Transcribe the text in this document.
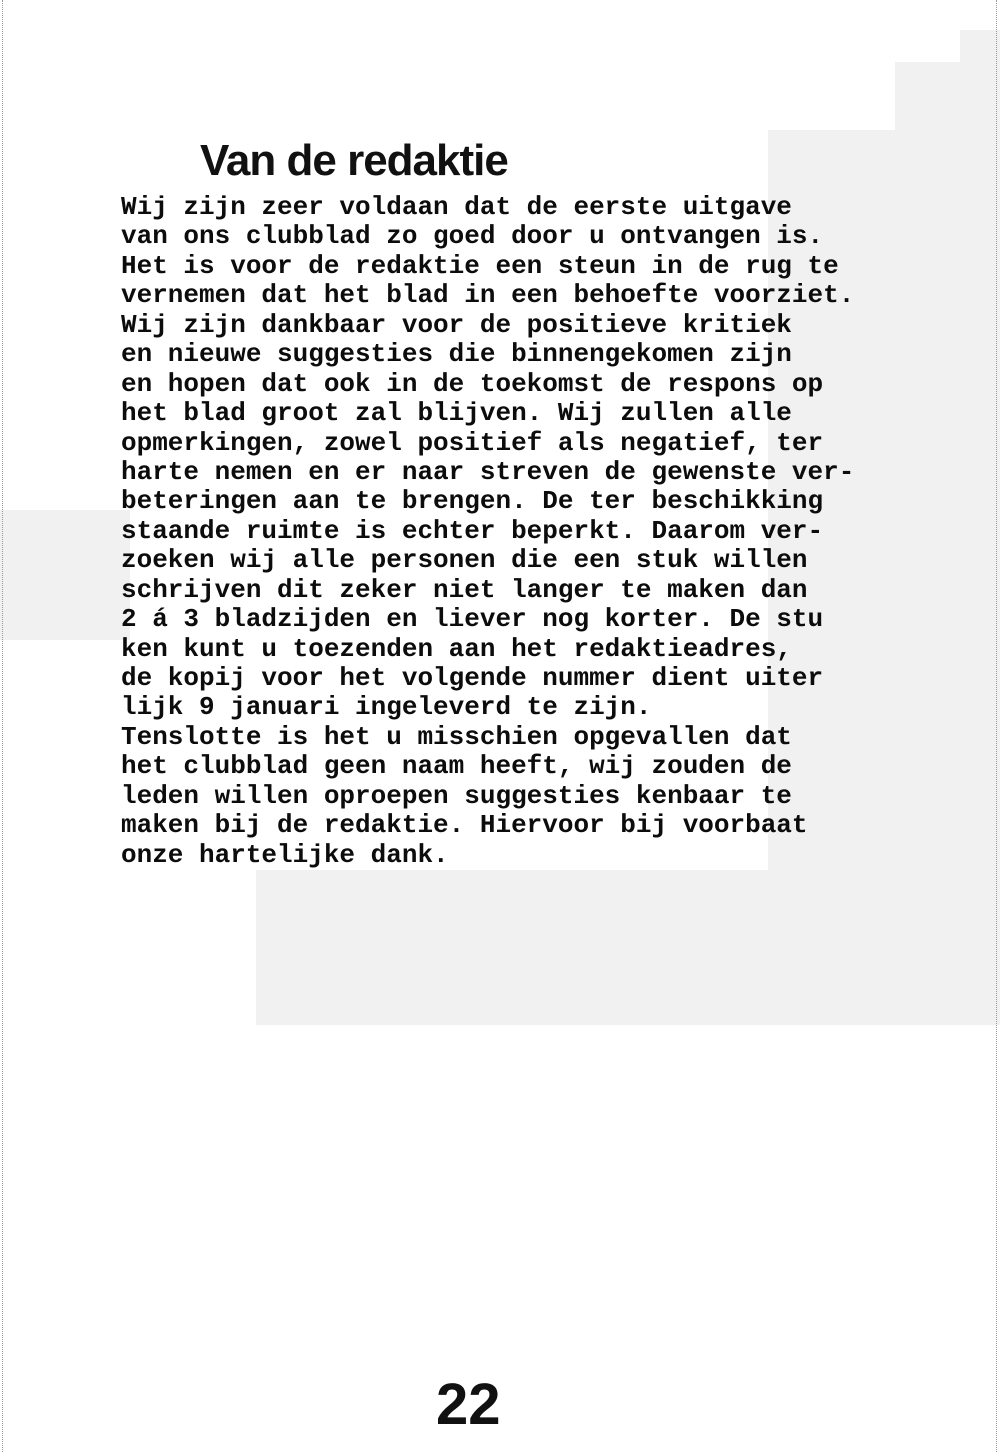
Van de redaktie
Wij zijn zeer voldaan dat de eerste uitgave
van ons clubblad zo goed door u ontvangen is.
Het is voor de redaktie een steun in de rug te
vernemen dat het blad in een behoefte voorziet.
Wij zijn dankbaar voor de positieve kritiek
en nieuwe suggesties die binnengekomen zijn
en hopen dat ook in de toekomst de respons op
het blad groot zal blijven. Wij zullen alle
opmerkingen, zowel positief als negatief, ter
harte nemen en er naar streven de gewenste ver-
beteringen aan te brengen. De ter beschikking
staande ruimte is echter beperkt. Daarom ver-
zoeken wij alle personen die een stuk willen
schrijven dit zeker niet langer te maken dan
2 á 3 bladzijden en liever nog korter. De stu
ken kunt u toezenden aan het redaktieadres,
de kopij voor het volgende nummer dient uiter
lijk 9 januari ingeleverd te zijn.
Tenslotte is het u misschien opgevallen dat
het clubblad geen naam heeft, wij zouden de
leden willen oproepen suggesties kenbaar te
maken bij de redaktie. Hiervoor bij voorbaat
onze hartelijke dank.
22
